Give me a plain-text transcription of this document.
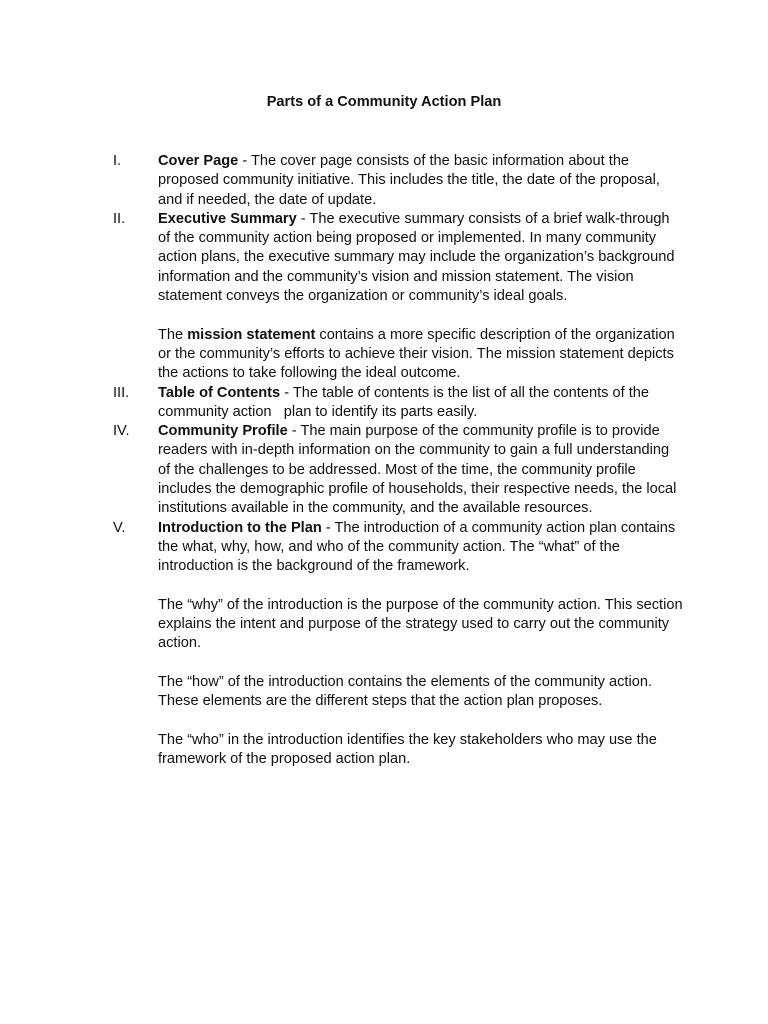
Parts of a Community Action Plan
I.	Cover Page - The cover page consists of the basic information about the proposed community initiative. This includes the title, the date of the proposal, and if needed, the date of update.

II. Executive Summary - The executive summary consists of a brief walk-through of the community action being proposed or implemented. In many community action plans, the executive summary may include the organization’s background information and the community’s vision and mission statement. The vision statement conveys the organization or community’s ideal goals.

The mission statement contains a more specific description of the organization or the community’s efforts to achieve their vision. The mission statement depicts the actions to take following the ideal outcome.

III. Table of Contents - The table of contents is the list of all the contents of the community action   plan to identify its parts easily.

IV. Community Profile - The main purpose of the community profile is to provide readers with in-depth information on the community to gain a full understanding of the challenges to be addressed. Most of the time, the community profile includes the demographic profile of households, their respective needs, the local institutions available in the community, and the available resources.

V. Introduction to the Plan - The introduction of a community action plan contains the what, why, how, and who of the community action. The “what” of the introduction is the background of the framework.

The “why” of the introduction is the purpose of the community action. This section explains the intent and purpose of the strategy used to carry out the community action.

The “how” of the introduction contains the elements of the community action. These elements are the different steps that the action plan proposes.

The “who” in the introduction identifies the key stakeholders who may use the framework of the proposed action plan.
